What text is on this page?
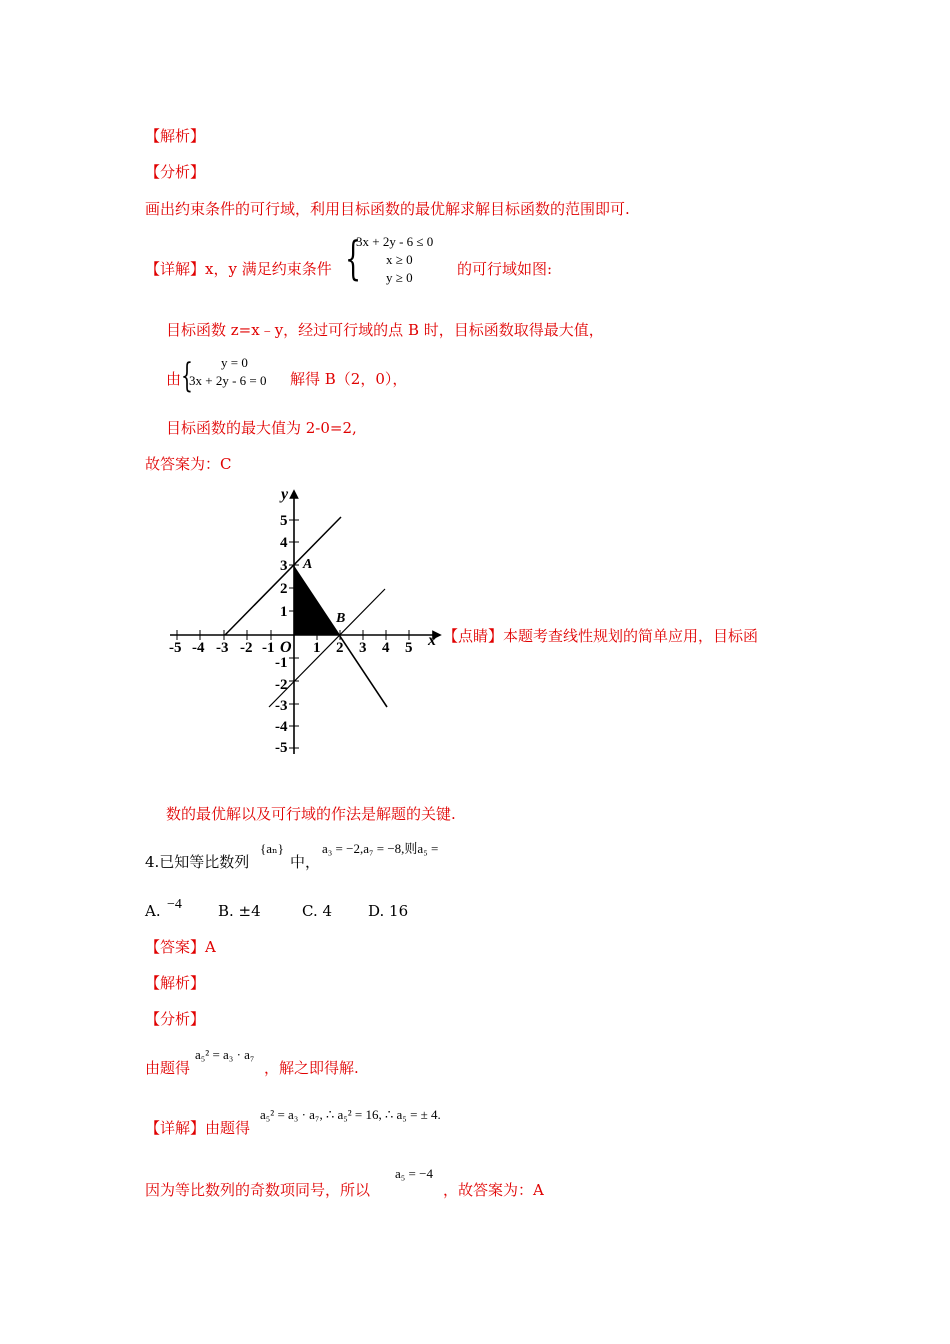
【解析】
【分析】
画出约束条件的可行域，利用目标函数的最优解求解目标函数的范围即可.
【详解】x，y 满足约束条件 {
3x + 2y - 6 ≤ 0
x ≥ 0
y ≥ 0	的可行域如图:
目标函数 z=x﹣y，经过可行域的点 B 时，目标函数取得最大值，
由 { y = 0
3x + 2y - 6 = 0 解得 B（2，0），
目标函数的最大值为 2-0=2,
故答案为：C
-5 -4 -3 -2 -1	1 2 3 4 5
5
4
3
2
1
-1
-2
-3
-4
-5
x
y
O
A
B
【点睛】本题考查线性规划的简单应用，目标函
数的最优解以及可行域的作法是解题的关键.
4.已知等比数列
{aₙ}
中，
a₃ = −2,a₇ = −8,则a₅ =
A. −4 B. ±4	C. 4 D. 16
【答案】A
【解析】
【分析】
由题得
a₅² = a₃ · a₇
，解之即得解.
【详解】由题得
a₅² = a₃ · a₇, ∴ a₅² = 16, ∴ a₅ = ± 4.
因为等比数列的奇数项同号，所以
a₅ = −4
，故答案为：A
